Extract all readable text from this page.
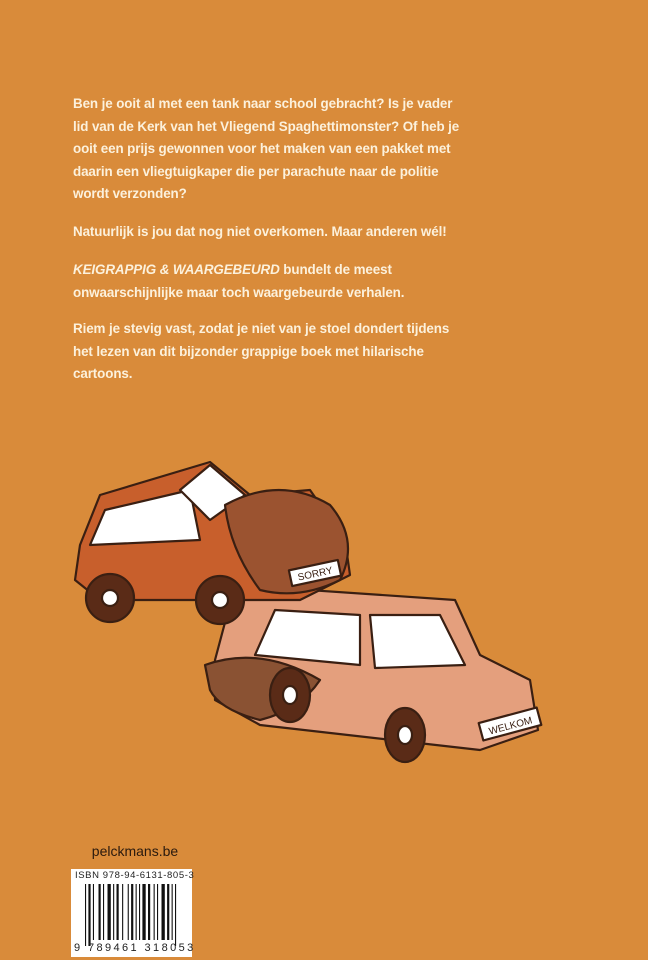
Ben je ooit al met een tank naar school gebracht? Is je vader
lid van de Kerk van het Vliegend Spaghettimonster? Of heb je
ooit een prijs gewonnen voor het maken van een pakket met
daarin een vliegtuigkaper die per parachute naar de politie
wordt verzonden?
Natuurlijk is jou dat nog niet overkomen. Maar anderen wél!
KEIGRAPPIG & WAARGEBEURD bundelt de meest
onwaarschijnlijke maar toch waargebeurde verhalen.
Riem je stevig vast, zodat je niet van je stoel dondert tijdens
het lezen van dit bijzonder grappige boek met hilarische
cartoons.
WELKOM
SORRY
pelckmans.be
ISBN 978-94-6131-805-3
9 789461 318053
